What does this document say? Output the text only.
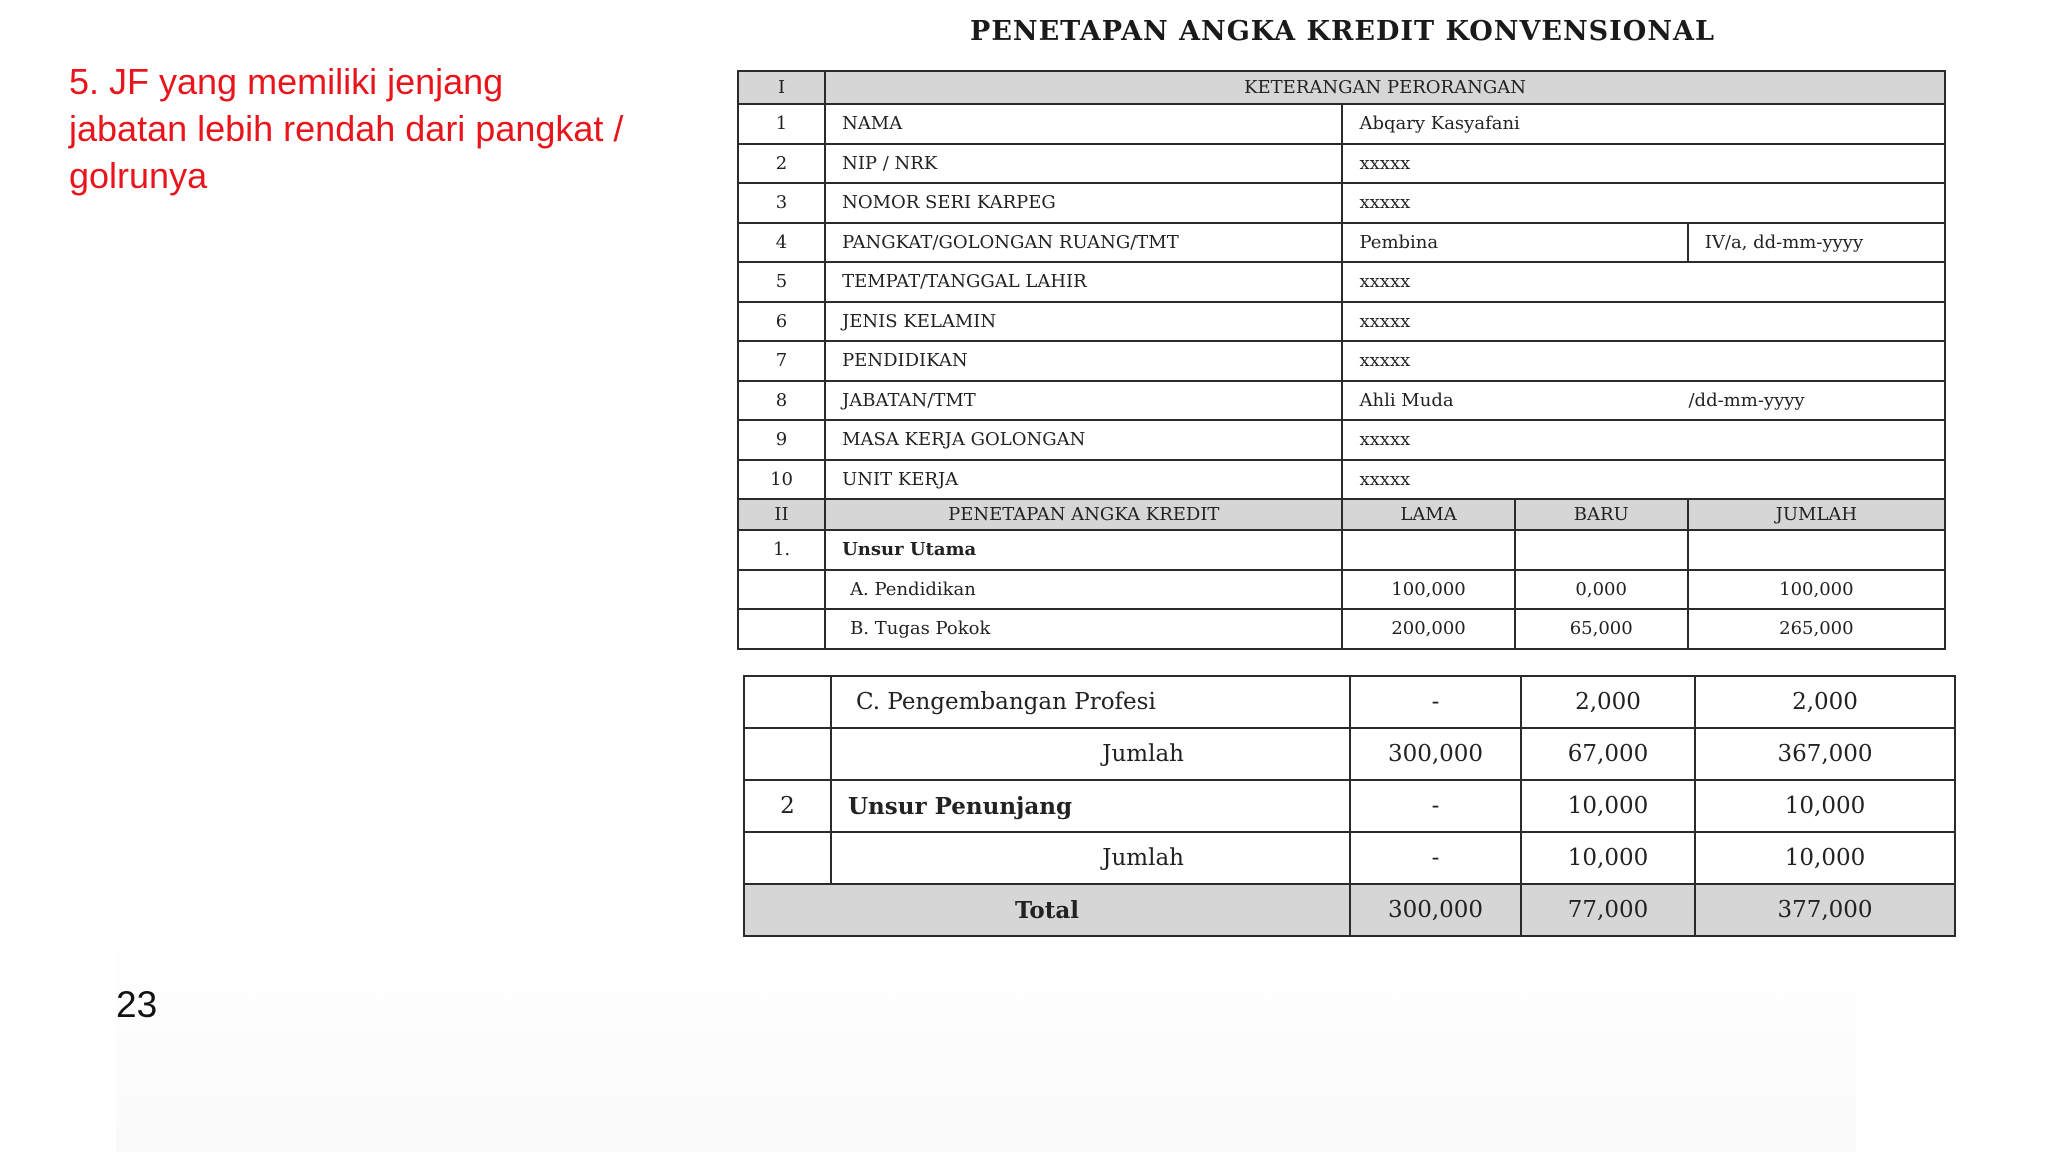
5. JF yang memiliki jenjang jabatan lebih rendah dari pangkat / golrunya
23
PENETAPAN ANGKA KREDIT KONVENSIONAL
I	KETERANGAN PERORANGAN			
1	NAMA	Abqary Kasyafani		
2	NIP / NRK	xxxxx		
3	NOMOR SERI KARPEG	xxxxx		
4	PANGKAT/GOLONGAN RUANG/TMT	Pembina		IV/a, dd-mm-yyyy
5	TEMPAT/TANGGAL LAHIR	xxxxx		
6	JENIS KELAMIN	xxxxx		
7	PENDIDIKAN	xxxxx		
8	JABATAN/TMT	Ahli Muda /dd-mm-yyyy		

9	MASA KERJA GOLONGAN	xxxxx		
10	UNIT KERJA	xxxxx		
II	PENETAPAN ANGKA KREDIT	LAMA	BARU	JUMLAH
1.	Unsur Utama			
	A. Pendidikan	100,000	0,000	100,000
	B. Tugas Pokok	200,000	65,000	265,000
	C. Pengembangan Profesi	-	2,000	2,000
	Jumlah	300,000	67,000	367,000
2	Unsur Penunjang	-	10,000	10,000
	Jumlah	-	10,000	10,000
Total		300,000	77,000	377,000
